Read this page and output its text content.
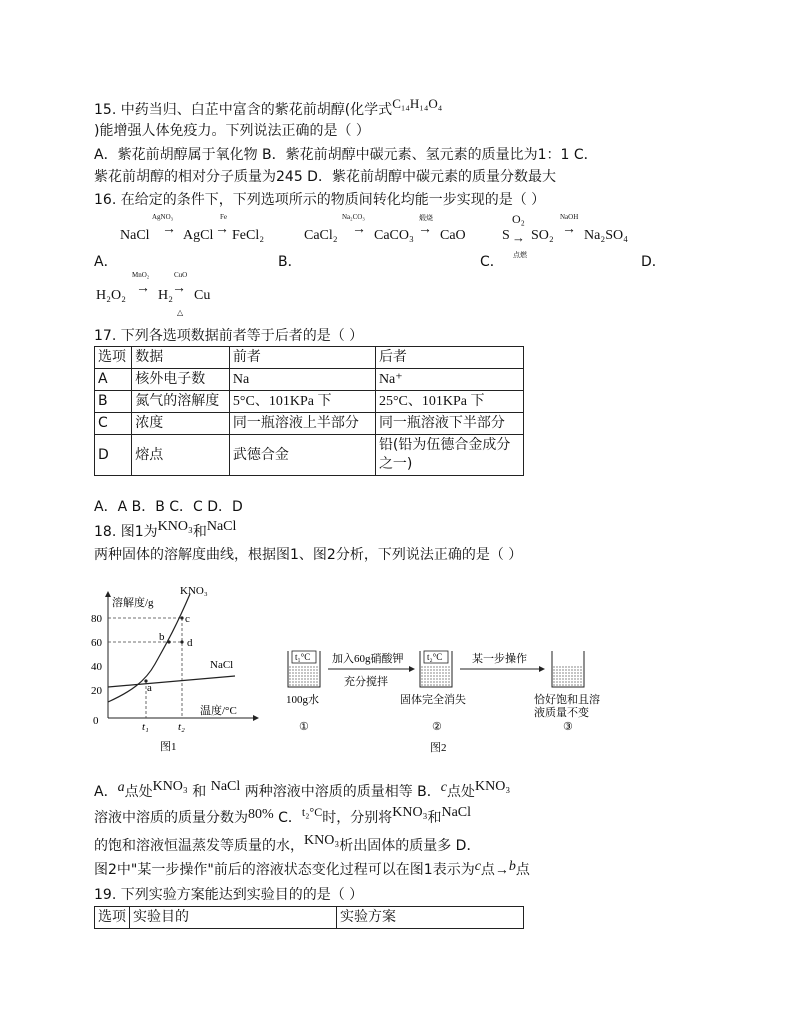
15. 中药当归、白芷中富含的紫花前胡醇(化学式C₁₄H₁₄O₄
)能增强人体免疫力。下列说法正确的是（ ）
A．紫花前胡醇属于氧化物 B．紫花前胡醇中碳元素、氢元素的质量比为1：1 C．
紫花前胡醇的相对分子质量为245 D．紫花前胡醇中碳元素的质量分数最大
16. 在给定的条件下，下列选项所示的物质间转化均能一步实现的是（ ）
NaCl
AgNO₃
→ AgCl
Fe
→ FeCl₂	CaCl₂
Na₂CO₃
→ CaCO₃
煅烧
→ CaO	S
O₂
→
点燃
SO₂
NaOH
→ Na₂SO₄
A．	B．	C．	D．
H₂O₂
MnO₂
→ H₂
CuO
→
△
Cu
17. 下列各选项数据前者等于后者的是（ ）
选项	数据	前者	后者
A	核外电子数	Na	Na⁺
B	氮气的溶解度	5°C、101KPa 下	25°C、101KPa 下
C	浓度	同一瓶溶液上半部分	同一瓶溶液下半部分
D	熔点	武德合金	铅(铅为伍德合金成分之一)
A．A B．B C．C D．D
18. 图1为KNO₃和NaCl
两种固体的溶解度曲线，根据图1、图2分析，下列说法正确的是（ ）
溶解度/g
温度/°C
0
80
60
40
20
t₁	t₂
KNO₃
NaCl
a
b
c
d
图1
t₁°C 加入60g硝酸钾
充分搅拌
t₂°C	某一步操作
100g水	固体完全消失	恰好饱和且溶
液质量不变
①	②	③
图2
A．a点处KNO₃ 和 NaCl 两种溶液中溶质的质量相等 B．c点处KNO₃
溶液中溶质的质量分数为80% C．t₂°C时，分别将KNO₃和NaCl
的饱和溶液恒温蒸发等质量的水，KNO₃析出固体的质量多 D．
图2中"某一步操作"前后的溶液状态变化过程可以在图1表示为c点→b点
19. 下列实验方案能达到实验目的的是（ ）
选项	实验目的	实验方案
